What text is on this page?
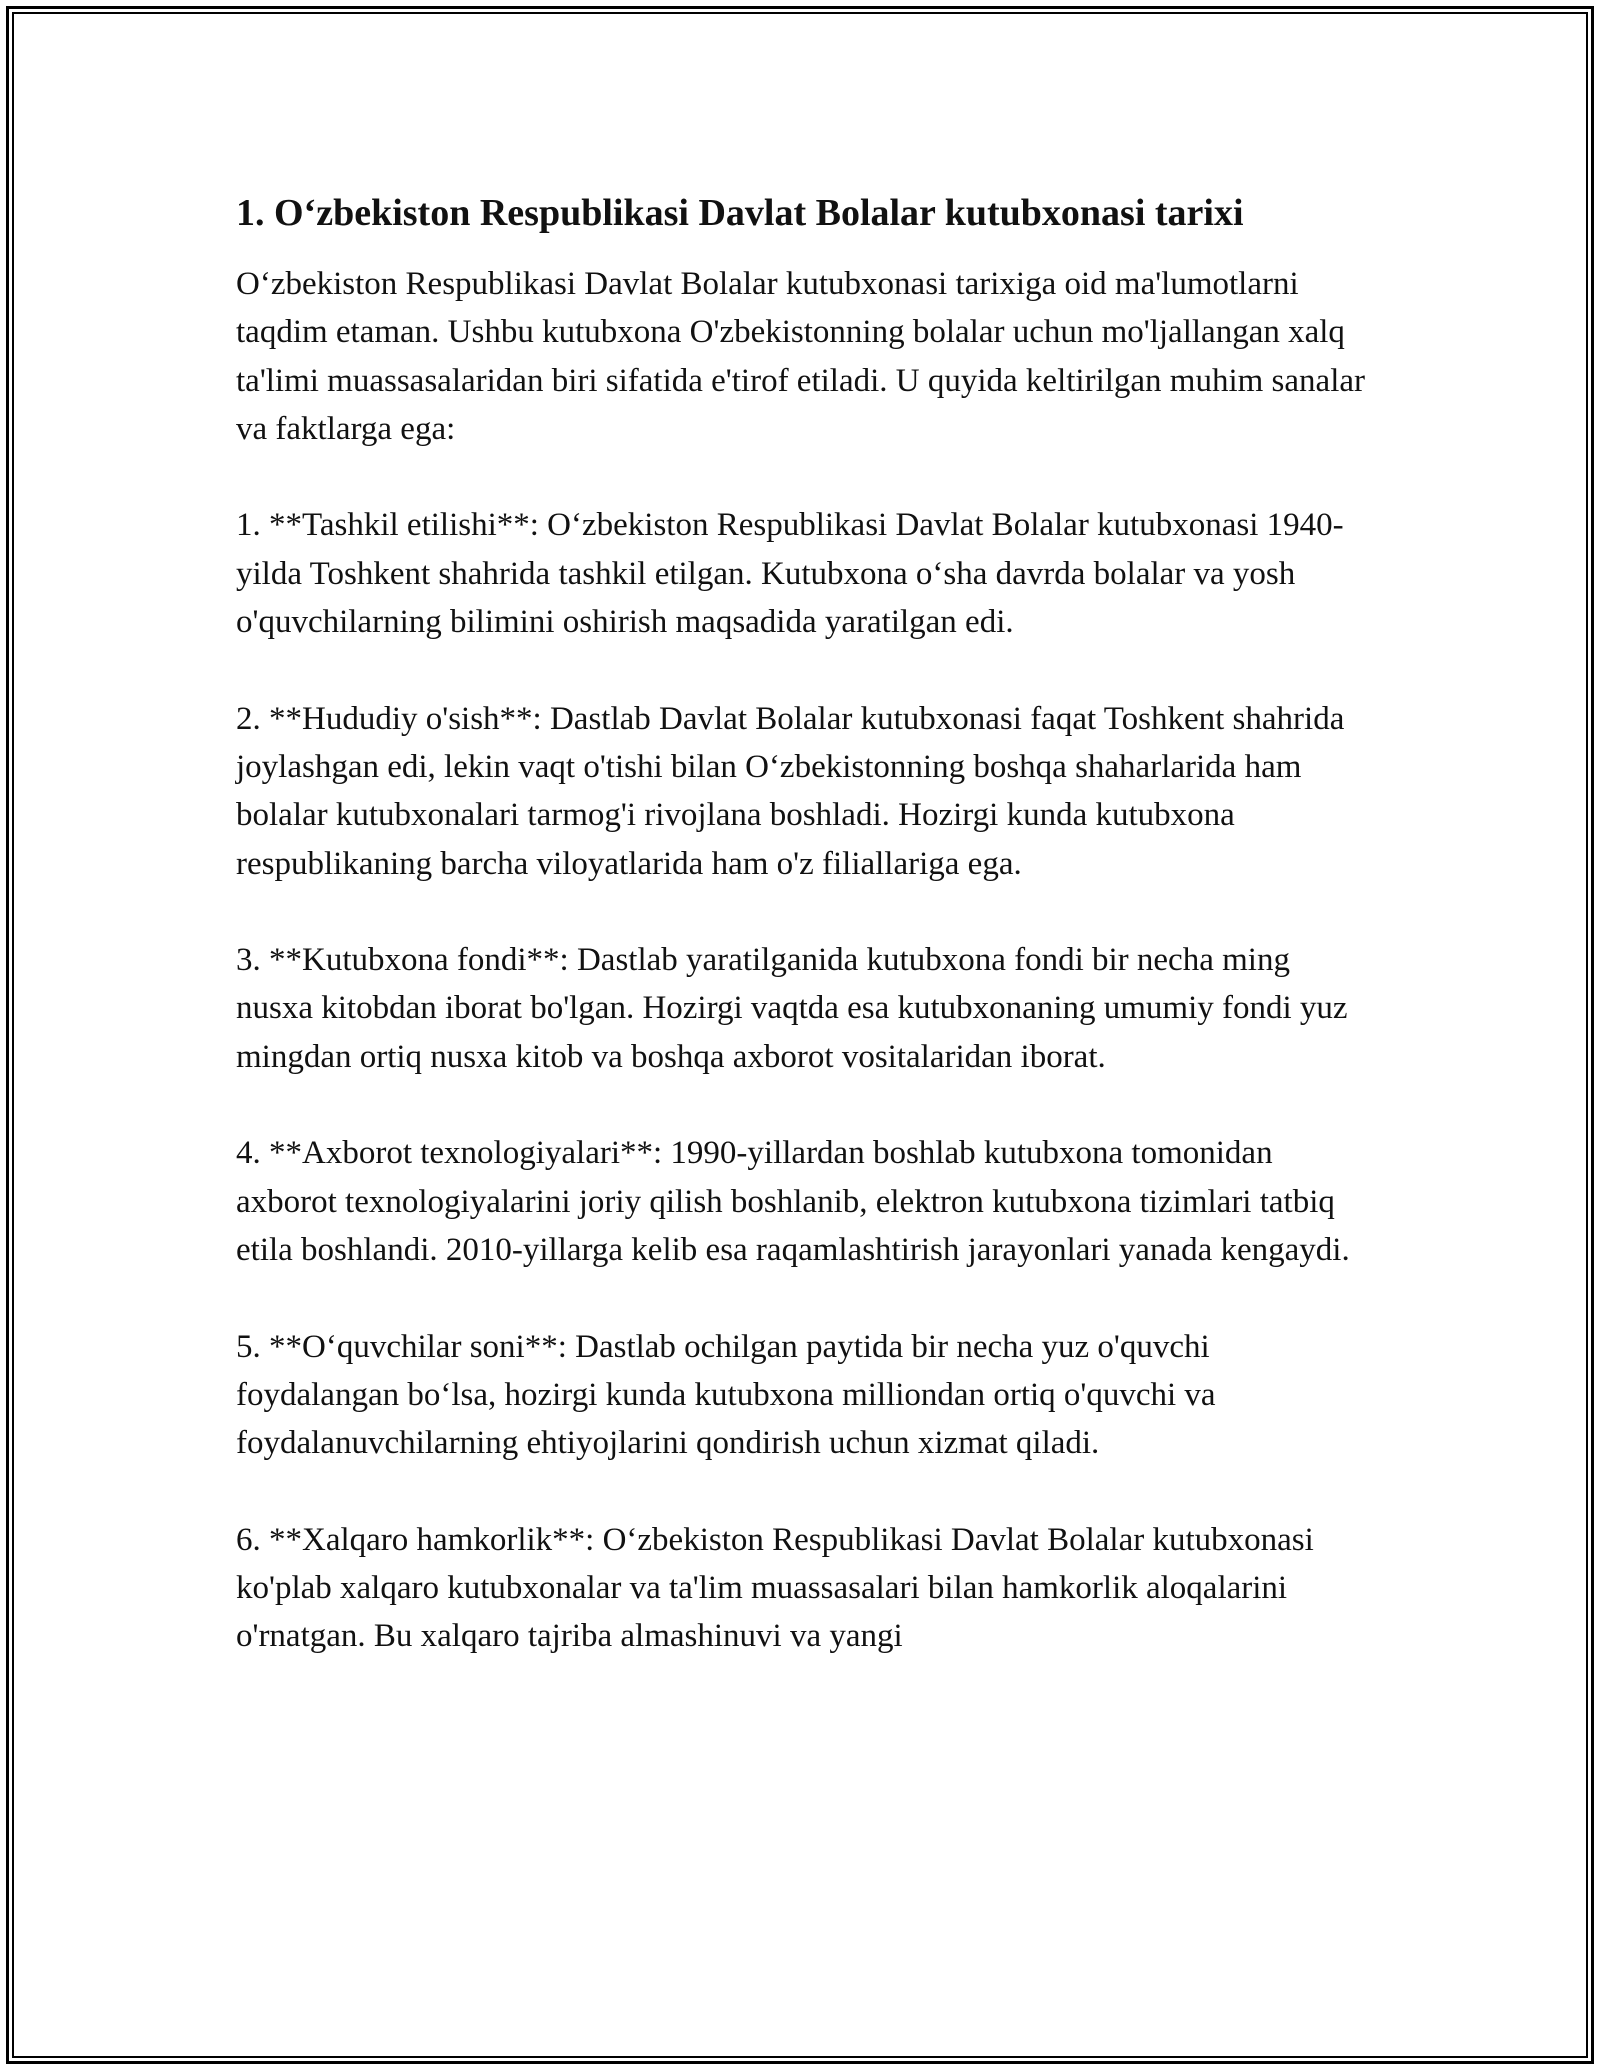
1. O‘zbekiston Respublikasi Davlat Bolalar kutubxonasi tarixi

O‘zbekiston Respublikasi Davlat Bolalar kutubxonasi tarixiga oid ma'lumotlarni taqdim etaman. Ushbu kutubxona O'zbekistonning bolalar uchun mo'ljallangan xalq ta'limi muassasalaridan biri sifatida e'tirof etiladi. U quyida keltirilgan muhim sanalar va faktlarga ega:

1. **Tashkil etilishi**: O‘zbekiston Respublikasi Davlat Bolalar kutubxonasi 1940-yilda Toshkent shahrida tashkil etilgan. Kutubxona o‘sha davrda bolalar va yosh o'quvchilarning bilimini oshirish maqsadida yaratilgan edi.

2. **Hududiy o'sish**: Dastlab Davlat Bolalar kutubxonasi faqat Toshkent shahrida joylashgan edi, lekin vaqt o'tishi bilan O‘zbekistonning boshqa shaharlarida ham bolalar kutubxonalari tarmog'i rivojlana boshladi. Hozirgi kunda kutubxona respublikaning barcha viloyatlarida ham o'z filiallariga ega.

3. **Kutubxona fondi**: Dastlab yaratilganida kutubxona fondi bir necha ming nusxa kitobdan iborat bo'lgan. Hozirgi vaqtda esa kutubxonaning umumiy fondi yuz mingdan ortiq nusxa kitob va boshqa axborot vositalaridan iborat.

4. **Axborot texnologiyalari**: 1990-yillardan boshlab kutubxona tomonidan axborot texnologiyalarini joriy qilish boshlanib, elektron kutubxona tizimlari tatbiq etila boshlandi. 2010-yillarga kelib esa raqamlashtirish jarayonlari yanada kengaydi.

5. **O‘quvchilar soni**: Dastlab ochilgan paytida bir necha yuz o'quvchi foydalangan bo‘lsa, hozirgi kunda kutubxona milliondan ortiq o'quvchi va foydalanuvchilarning ehtiyojlarini qondirish uchun xizmat qiladi.

6. **Xalqaro hamkorlik**: O‘zbekiston Respublikasi Davlat Bolalar kutubxonasi ko'plab xalqaro kutubxonalar va ta'lim muassasalari bilan hamkorlik aloqalarini o'rnatgan. Bu xalqaro tajriba almashinuvi va yangi
